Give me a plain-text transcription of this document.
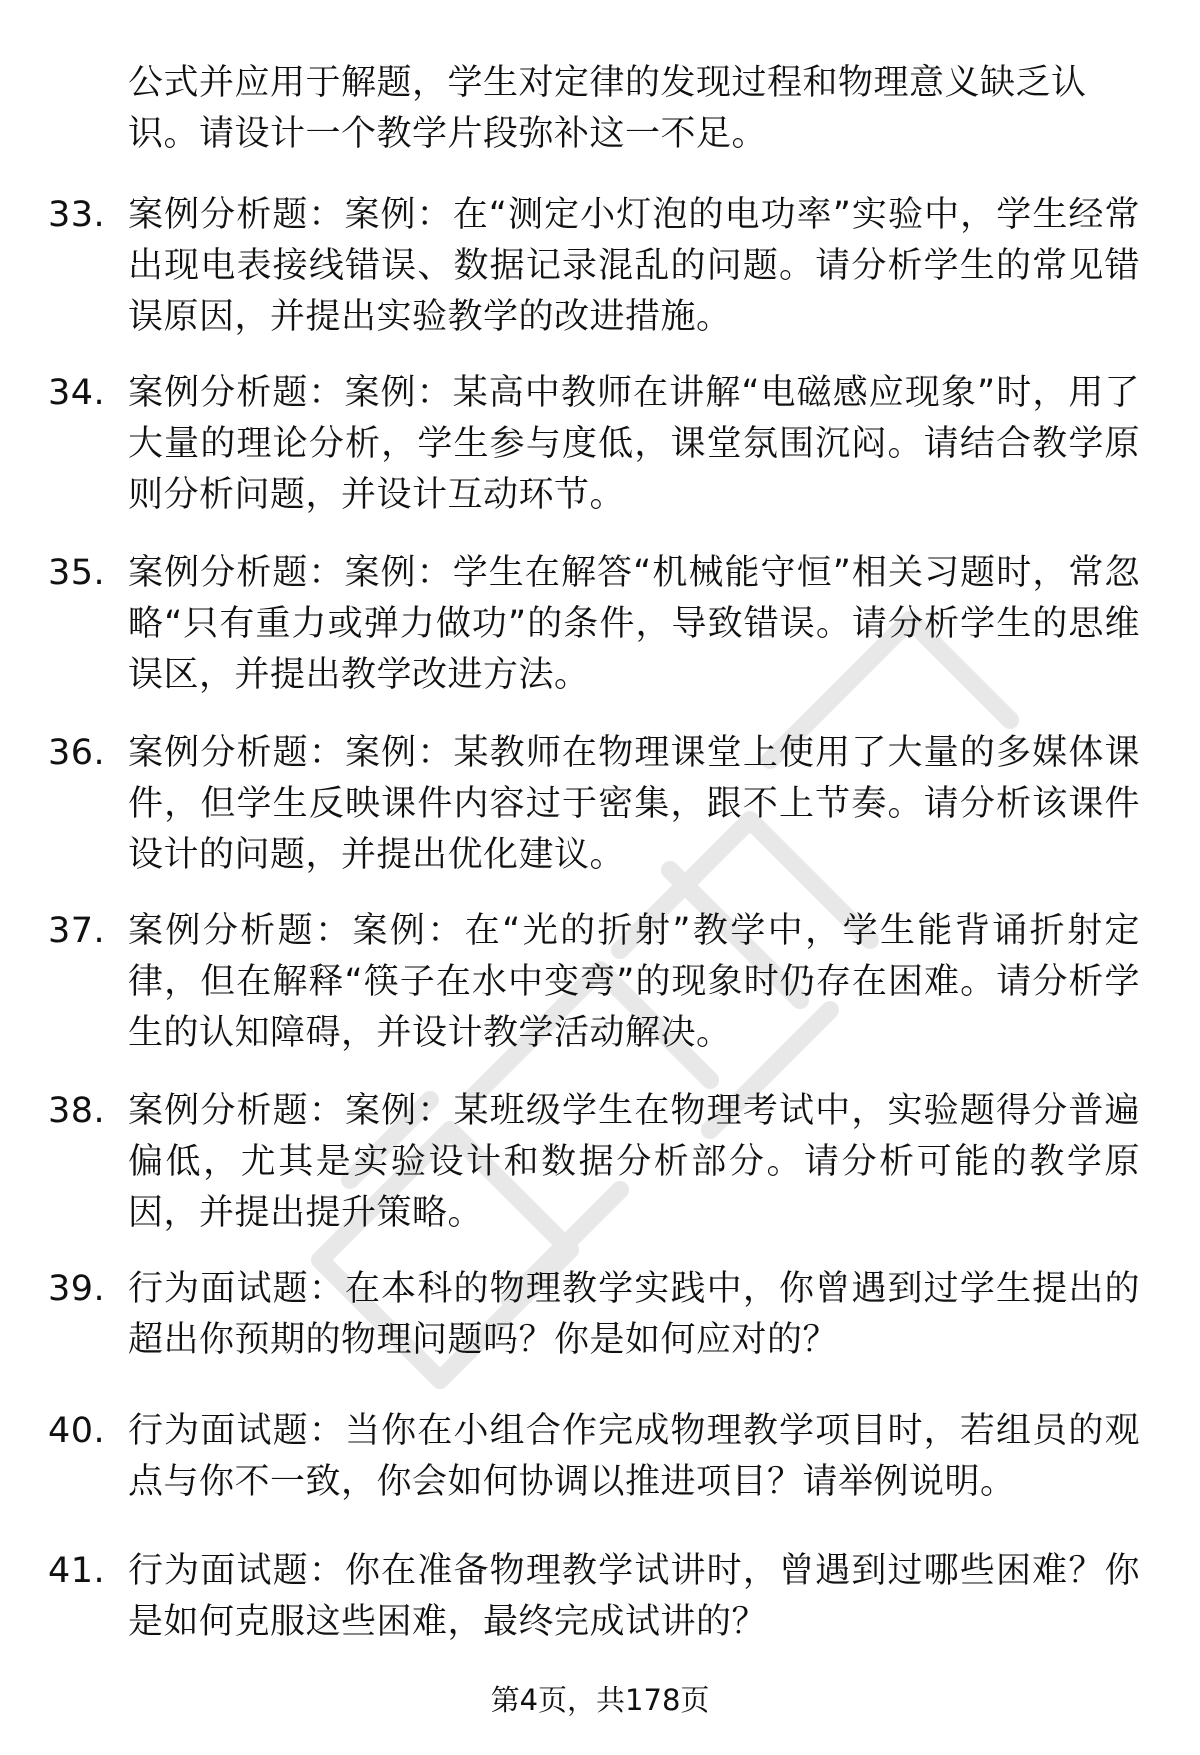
公式并应用于解题，学生对定律的发现过程和物理意义缺乏认识。请设计一个教学片段弥补这一不足。
33. 案例分析题：案例：在“测定小灯泡的电功率”实验中，学生经常出现电表接线错误、数据记录混乱的问题。请分析学生的常见错误原因，并提出实验教学的改进措施。
34. 案例分析题：案例：某高中教师在讲解“电磁感应现象”时，用了大量的理论分析，学生参与度低，课堂氛围沉闷。请结合教学原则分析问题，并设计互动环节。
35. 案例分析题：案例：学生在解答“机械能守恒”相关习题时，常忽略“只有重力或弹力做功”的条件，导致错误。请分析学生的思维误区，并提出教学改进方法。
36. 案例分析题：案例：某教师在物理课堂上使用了大量的多媒体课件，但学生反映课件内容过于密集，跟不上节奏。请分析该课件设计的问题，并提出优化建议。
37. 案例分析题：案例：在“光的折射”教学中，学生能背诵折射定律，但在解释“筷子在水中变弯”的现象时仍存在困难。请分析学生的认知障碍，并设计教学活动解决。
38. 案例分析题：案例：某班级学生在物理考试中，实验题得分普遍偏低，尤其是实验设计和数据分析部分。请分析可能的教学原因，并提出提升策略。
39. 行为面试题：在本科的物理教学实践中，你曾遇到过学生提出的超出你预期的物理问题吗？你是如何应对的？
40. 行为面试题：当你在小组合作完成物理教学项目时，若组员的观点与你不一致，你会如何协调以推进项目？请举例说明。
41. 行为面试题：你在准备物理教学试讲时，曾遇到过哪些困难？你是如何克服这些困难，最终完成试讲的？
第4页，共178页
